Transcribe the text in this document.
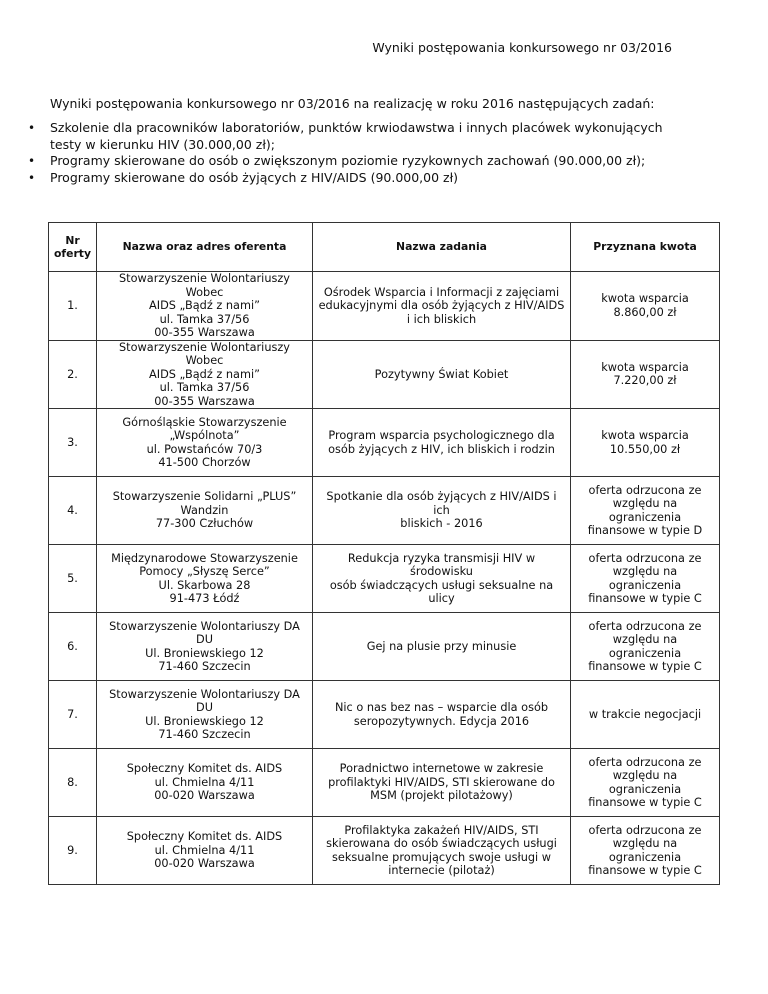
Wyniki postępowania konkursowego nr 03/2016
Wyniki postępowania konkursowego nr 03/2016 na realizację w roku 2016 następujących zadań:
• Szkolenie dla pracowników laboratoriów, punktów krwiodawstwa i innych placówek wykonujących
testy w kierunku HIV (30.000,00 zł);
• Programy skierowane do osób o zwiększonym poziomie ryzykownych zachowań (90.000,00 zł);
• Programy skierowane do osób żyjących z HIV/AIDS (90.000,00 zł)
Nr oferty	Nazwa oraz adres oferenta	Nazwa zadania	Przyznana kwota
1.	Stowarzyszenie Wolontariuszy Wobec
AIDS „Bądź z nami”
ul. Tamka 37/56
00-355 Warszawa	Ośrodek Wsparcia i Informacji z zajęciami
edukacyjnymi dla osób żyjących z HIV/AIDS
i ich bliskich	kwota wsparcia
8.860,00 zł

2.	Stowarzyszenie Wolontariuszy Wobec
AIDS „Bądź z nami”
ul. Tamka 37/56
00-355 Warszawa	Pozytywny Świat Kobiet	kwota wsparcia
7.220,00 zł

3.	Górnośląskie Stowarzyszenie
„Wspólnota”
ul. Powstańców 70/3
41-500 Chorzów	Program wsparcia psychologicznego dla
osób żyjących z HIV, ich bliskich i rodzin	kwota wsparcia
10.550,00 zł

4.	Stowarzyszenie Solidarni „PLUS”
Wandzin
77-300 Człuchów	Spotkanie dla osób żyjących z HIV/AIDS i ich
bliskich - 2016	oferta odrzucona ze
względu na ograniczenia
finansowe w typie D

5.	Międzynarodowe Stowarzyszenie
Pomocy „Słyszę Serce”
Ul. Skarbowa 28
91-473 Łódź	Redukcja ryzyka transmisji HIV w środowisku
osób świadczących usługi seksualne na ulicy	oferta odrzucona ze
względu na ograniczenia
finansowe w typie C

6.	Stowarzyszenie Wolontariuszy DA DU
Ul. Broniewskiego 12
71-460 Szczecin	Gej na plusie przy minusie	oferta odrzucona ze
względu na ograniczenia
finansowe w typie C

7.	Stowarzyszenie Wolontariuszy DA DU
Ul. Broniewskiego 12
71-460 Szczecin	Nic o nas bez nas – wsparcie dla osób
seropozytywnych. Edycja 2016	w trakcie negocjacji

8.	Społeczny Komitet ds. AIDS
ul. Chmielna 4/11
00-020 Warszawa	Poradnictwo internetowe w zakresie
profilaktyki HIV/AIDS, STI skierowane do
MSM (projekt pilotażowy)	oferta odrzucona ze
względu na ograniczenia
finansowe w typie C

9.	Społeczny Komitet ds. AIDS
ul. Chmielna 4/11
00-020 Warszawa	Profilaktyka zakażeń HIV/AIDS, STI
skierowana do osób świadczących usługi
seksualne promujących swoje usługi w
internecie (pilotaż)	oferta odrzucona ze
względu na ograniczenia
finansowe w typie C
